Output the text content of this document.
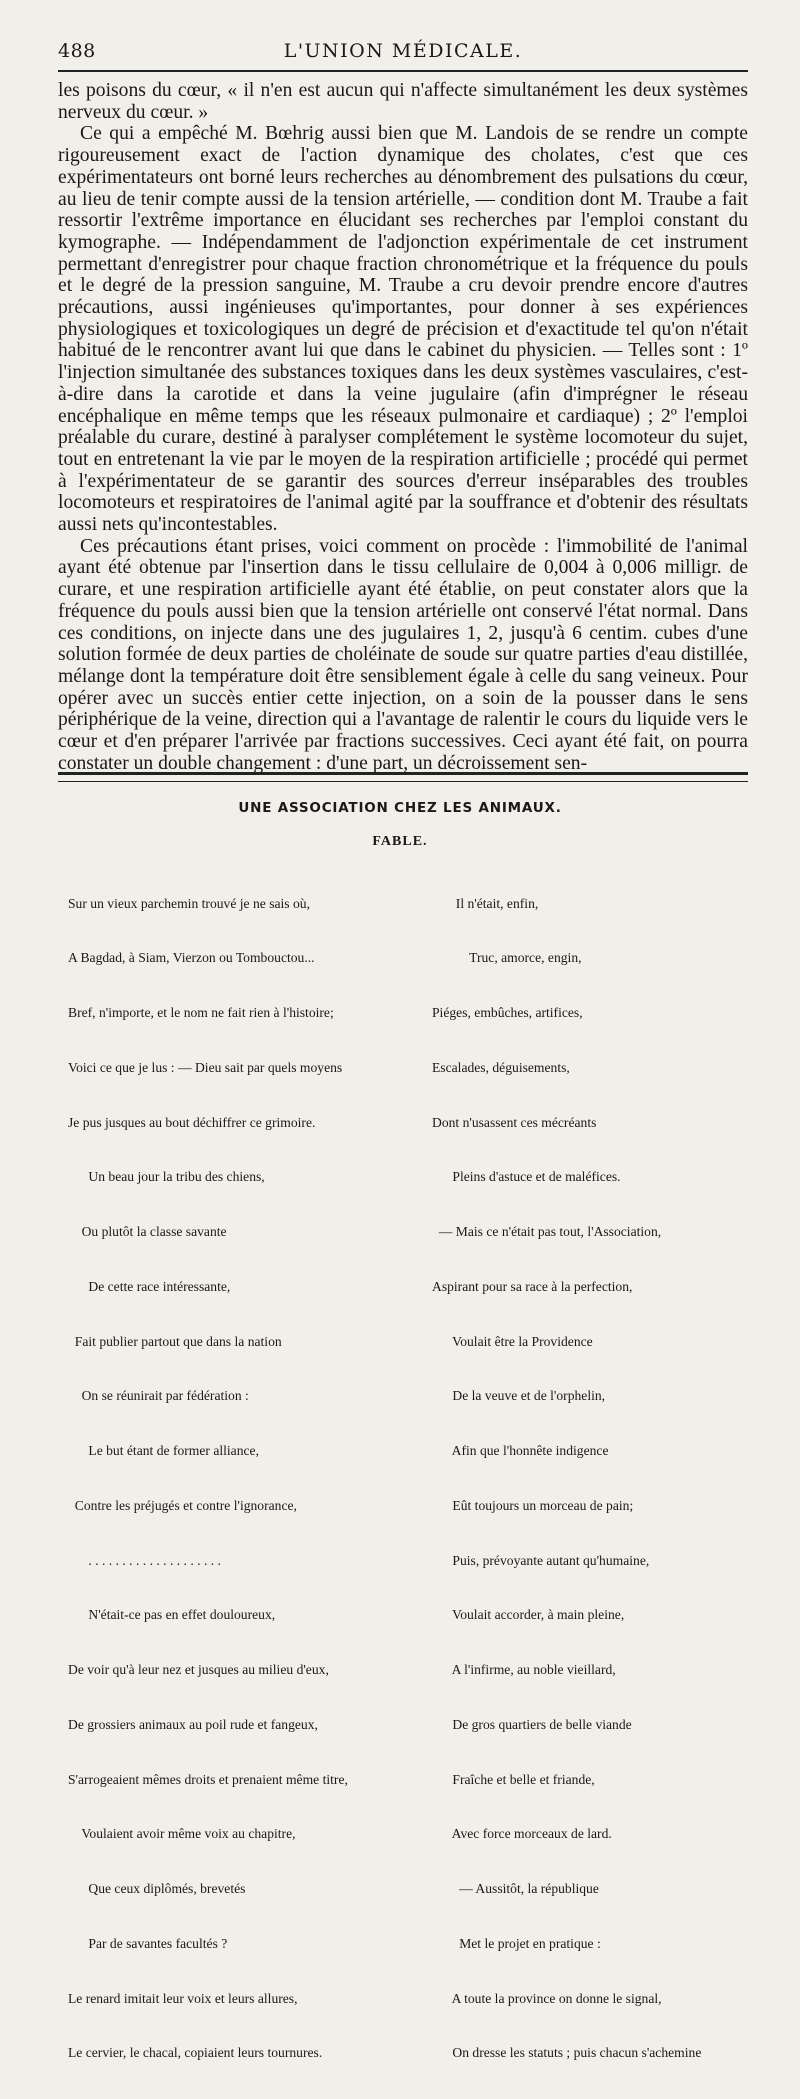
488	L'UNION MÉDICALE.

les poisons du cœur, « il n'en est aucun qui n'affecte simultanément les deux systèmes nerveux du cœur. »

Ce qui a empêché M. Bœhrig aussi bien que M. Landois de se rendre un compte rigoureusement exact de l'action dynamique des cholates, c'est que ces expérimentateurs ont borné leurs recherches au dénombrement des pulsations du cœur, au lieu de tenir compte aussi de la tension artérielle, — condition dont M. Traube a fait ressortir l'extrême importance en élucidant ses recherches par l'emploi constant du kymographe. — Indépendamment de l'adjonction expérimentale de cet instrument permettant d'enregistrer pour chaque fraction chronométrique et la fréquence du pouls et le degré de la pression sanguine, M. Traube a cru devoir prendre encore d'autres précautions, aussi ingénieuses qu'importantes, pour donner à ses expériences physiologiques et toxicologiques un degré de précision et d'exactitude tel qu'on n'était habitué de le rencontrer avant lui que dans le cabinet du physicien. — Telles sont : 1º l'injection simultanée des substances toxiques dans les deux systèmes vasculaires, c'est-à-dire dans la carotide et dans la veine jugulaire (afin d'imprégner le réseau encéphalique en même temps que les réseaux pulmonaire et cardiaque) ; 2º l'emploi préalable du curare, destiné à paralyser complétement le système locomoteur du sujet, tout en entretenant la vie par le moyen de la respiration artificielle ; procédé qui permet à l'expérimentateur de se garantir des sources d'erreur inséparables des troubles locomoteurs et respiratoires de l'animal agité par la souffrance et d'obtenir des résultats aussi nets qu'incontestables.

Ces précautions étant prises, voici comment on procède : l'immobilité de l'animal ayant été obtenue par l'insertion dans le tissu cellulaire de 0,004 à 0,006 milligr. de curare, et une respiration artificielle ayant été établie, on peut constater alors que la fréquence du pouls aussi bien que la tension artérielle ont conservé l'état normal. Dans ces conditions, on injecte dans une des jugulaires 1, 2, jusqu'à 6 centim. cubes d'une solution formée de deux parties de choléinate de soude sur quatre parties d'eau distillée, mélange dont la température doit être sensiblement égale à celle du sang veineux. Pour opérer avec un succès entier cette injection, on a soin de la pousser dans le sens périphérique de la veine, direction qui a l'avantage de ralentir le cours du liquide vers le cœur et d'en préparer l'arrivée par fractions successives. Ceci ayant été fait, on pourra constater un double changement : d'une part, un décroissement sen-

UNE ASSOCIATION CHEZ LES ANIMAUX.
FABLE.

Sur un vieux parchemin trouvé je ne sais où,

A Bagdad, à Siam, Vierzon ou Tombouctou...

Bref, n'importe, et le nom ne fait rien à l'histoire;

Voici ce que je lus : — Dieu sait par quels moyens

Je pus jusques au bout déchiffrer ce grimoire.

Un beau jour la tribu des chiens,

Ou plutôt la classe savante

De cette race intéressante,

Fait publier partout que dans la nation

On se réunirait par fédération :

Le but étant de former alliance,

Contre les préjugés et contre l'ignorance,

. . . . . . . . . . . . . . . . . . . .

N'était-ce pas en effet douloureux,

De voir qu'à leur nez et jusques au milieu d'eux,

De grossiers animaux au poil rude et fangeux,

S'arrogeaient mêmes droits et prenaient même titre,

Voulaient avoir même voix au chapitre,

Que ceux diplômés, brevetés

Par de savantes facultés ?

Le renard imitait leur voix et leurs allures,

Le cervier, le chacal, copiaient leurs tournures.

Il n'était, enfin,

Truc, amorce, engin,

Piéges, embûches, artifices,

Escalades, déguisements,

Dont n'usassent ces mécréants

Pleins d'astuce et de maléfices.

— Mais ce n'était pas tout, l'Association,

Aspirant pour sa race à la perfection,

Voulait être la Providence

De la veuve et de l'orphelin,

Afin que l'honnête indigence

Eût toujours un morceau de pain;

Puis, prévoyante autant qu'humaine,

Voulait accorder, à main pleine,

A l'infirme, au noble vieillard,

De gros quartiers de belle viande

Fraîche et belle et friande,

Avec force morceaux de lard.

— Aussitôt, la république

Met le projet en pratique :

A toute la province on donne le signal,

On dresse les statuts ; puis chacun s'achemine
